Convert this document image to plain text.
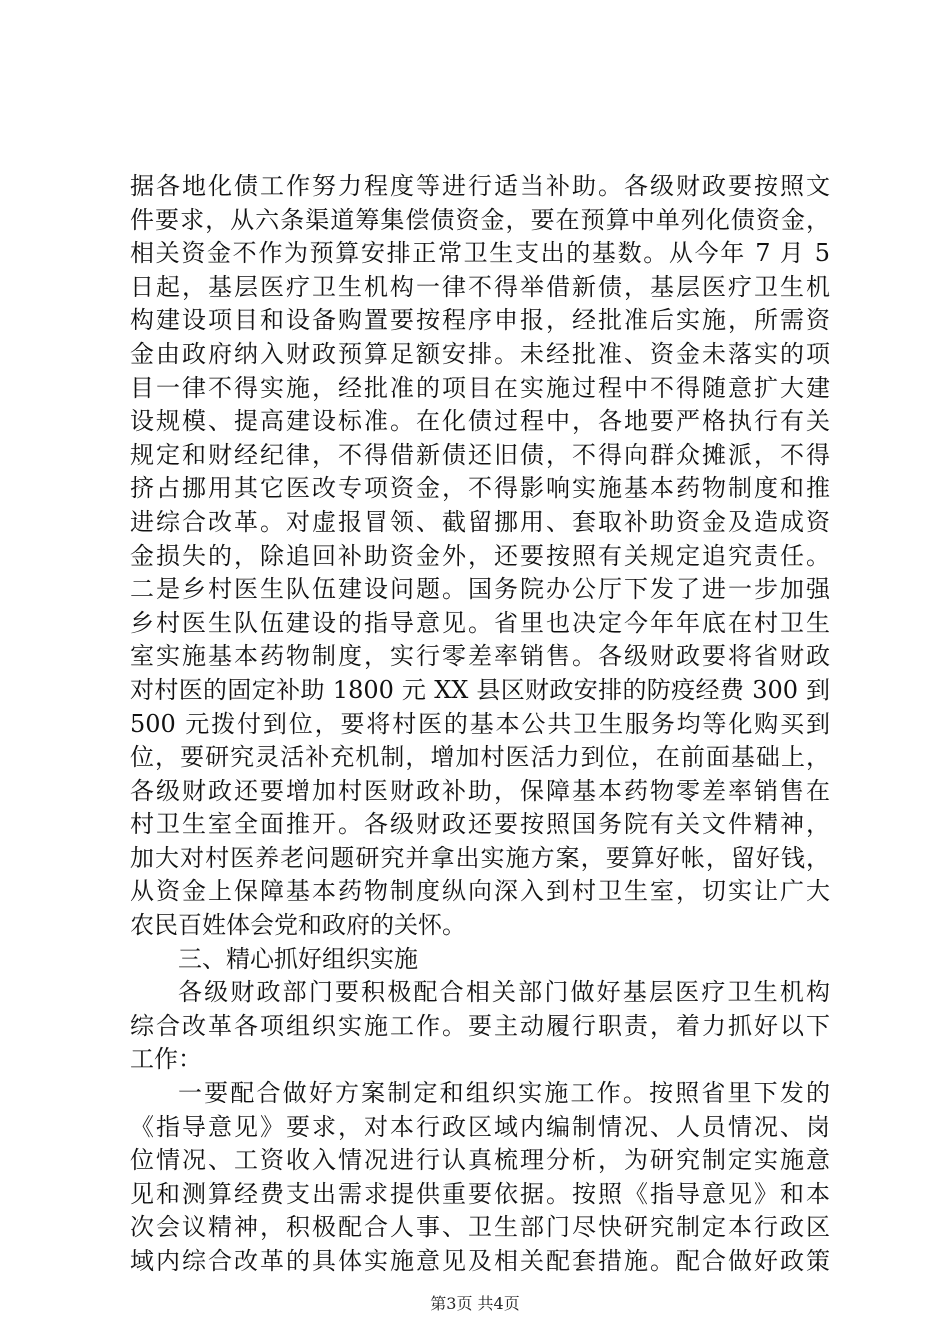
据各地化债工作努力程度等进行适当补助。各级财政要按照文
件要求，从六条渠道筹集偿债资金，要在预算中单列化债资金，
相关资金不作为预算安排正常卫生支出的基数。从今年 7 月 5
日起，基层医疗卫生机构一律不得举借新债，基层医疗卫生机
构建设项目和设备购置要按程序申报，经批准后实施，所需资
金由政府纳入财政预算足额安排。未经批准、资金未落实的项
目一律不得实施，经批准的项目在实施过程中不得随意扩大建
设规模、提高建设标准。在化债过程中，各地要严格执行有关
规定和财经纪律，不得借新债还旧债，不得向群众摊派，不得
挤占挪用其它医改专项资金，不得影响实施基本药物制度和推
进综合改革。对虚报冒领、截留挪用、套取补助资金及造成资
金损失的，除追回补助资金外，还要按照有关规定追究责任。
二是乡村医生队伍建设问题。国务院办公厅下发了进一步加强
乡村医生队伍建设的指导意见。省里也决定今年年底在村卫生
室实施基本药物制度，实行零差率销售。各级财政要将省财政
对村医的固定补助 1800 元 XX 县区财政安排的防疫经费 300 到
500 元拨付到位，要将村医的基本公共卫生服务均等化购买到
位，要研究灵活补充机制，增加村医活力到位，在前面基础上，
各级财政还要增加村医财政补助，保障基本药物零差率销售在
村卫生室全面推开。各级财政还要按照国务院有关文件精神，
加大对村医养老问题研究并拿出实施方案，要算好帐，留好钱，
从资金上保障基本药物制度纵向深入到村卫生室，切实让广大
农民百姓体会党和政府的关怀。
三、精心抓好组织实施
各级财政部门要积极配合相关部门做好基层医疗卫生机构
综合改革各项组织实施工作。要主动履行职责，着力抓好以下
工作：
一要配合做好方案制定和组织实施工作。按照省里下发的
《指导意见》要求，对本行政区域内编制情况、人员情况、岗
位情况、工资收入情况进行认真梳理分析，为研究制定实施意
见和测算经费支出需求提供重要依据。按照《指导意见》和本
次会议精神，积极配合人事、卫生部门尽快研究制定本行政区
域内综合改革的具体实施意见及相关配套措施。配合做好政策
第3页 共4页
